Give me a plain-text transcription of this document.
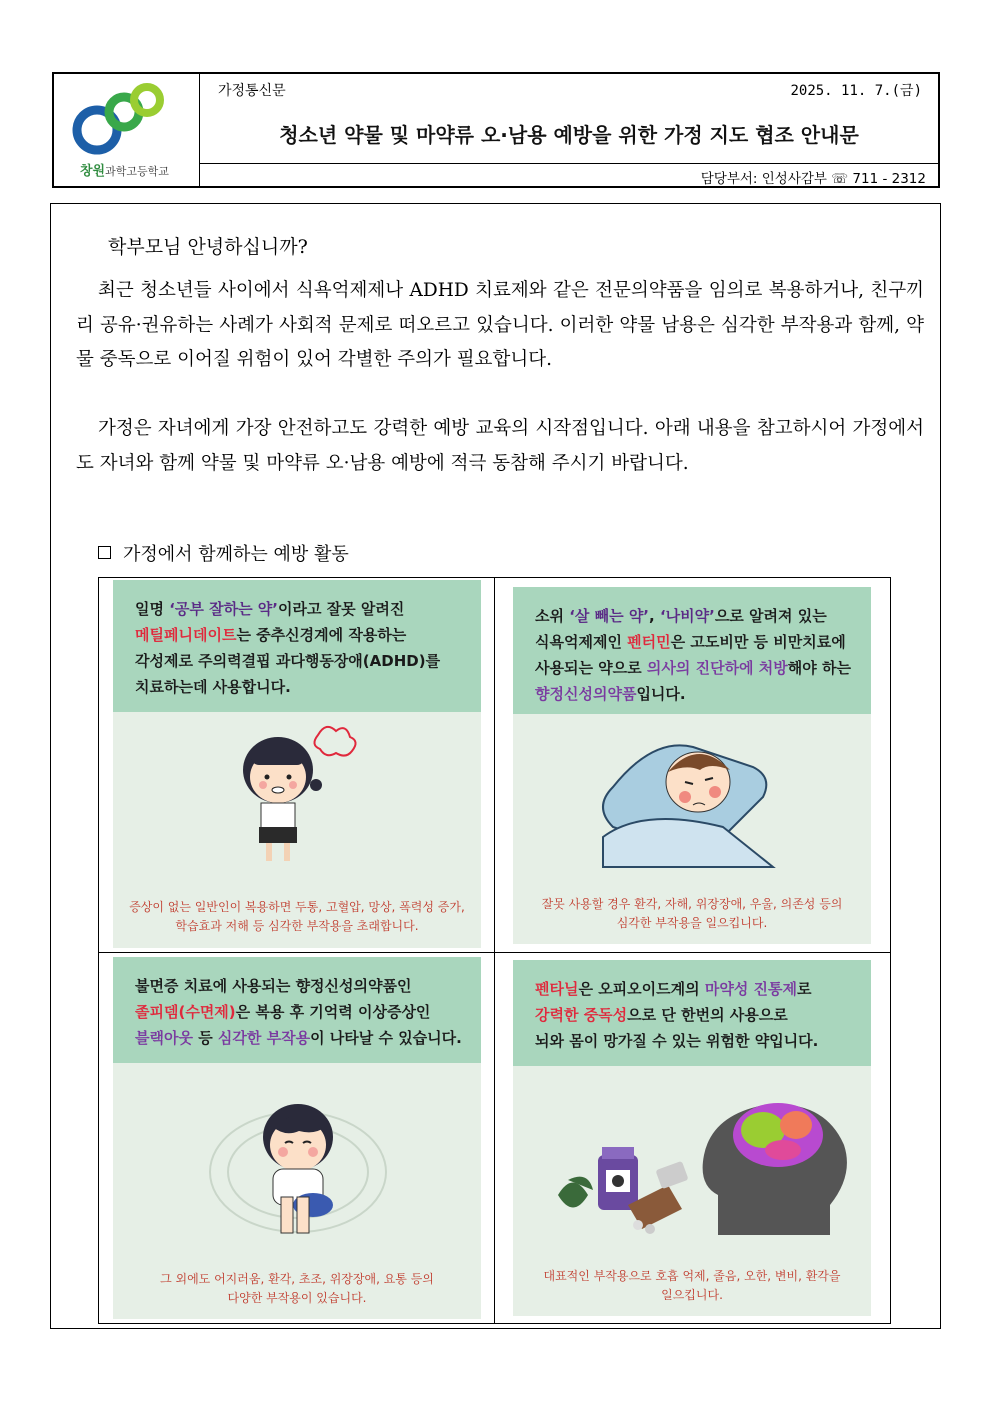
창원과학고등학교
가정통신문	2025. 11. 7.(금)
청소년 약물 및 마약류 오·남용 예방을 위한 가정 지도 협조 안내문
담당부서: 인성사감부 ☏ 711 - 2312
학부모님 안녕하십니까?
최근 청소년들 사이에서 식욕억제제나 ADHD 치료제와 같은 전문의약품을 임의로 복용하거나, 친구끼리 공유·권유하는 사례가 사회적 문제로 떠오르고 있습니다. 이러한 약물 남용은 심각한 부작용과 함께, 약물 중독으로 이어질 위험이 있어 각별한 주의가 필요합니다.
가정은 자녀에게 가장 안전하고도 강력한 예방 교육의 시작점입니다. 아래 내용을 참고하시어 가정에서도 자녀와 함께 약물 및 마약류 오·남용 예방에 적극 동참해 주시기 바랍니다.
가정에서 함께하는 예방 활동

일명 ‘공부 잘하는 약’이라고 잘못 알려진
메틸페니데이트는 중추신경계에 작용하는
각성제로 주의력결핍 과다행동장애(ADHD)를
치료하는데 사용합니다.

증상이 없는 일반인이 복용하면 두통, 고혈압, 망상, 폭력성 증가,
학습효과 저해 등 심각한 부작용을 초래합니다.

소위 ‘살 빼는 약’, ‘나비약’으로 알려져 있는
식욕억제제인 펜터민은 고도비만 등 비만치료에
사용되는 약으로 의사의 진단하에 처방해야 하는
향정신성의약품입니다.

잘못 사용할 경우 환각, 자해, 위장장애, 우울, 의존성 등의
심각한 부작용을 일으킵니다.

불면증 치료에 사용되는 향정신성의약품인
졸피뎀(수면제)은 복용 후 기억력 이상증상인
블랙아웃 등 심각한 부작용이 나타날 수 있습니다.

그 외에도 어지러움, 환각, 초조, 위장장애, 요통 등의
다양한 부작용이 있습니다.

펜타닐은 오피오이드계의 마약성 진통제로
강력한 중독성으로 단 한번의 사용으로
뇌와 몸이 망가질 수 있는 위험한 약입니다.

대표적인 부작용으로 호흡 억제, 졸음, 오한, 변비, 환각을
일으킵니다.
